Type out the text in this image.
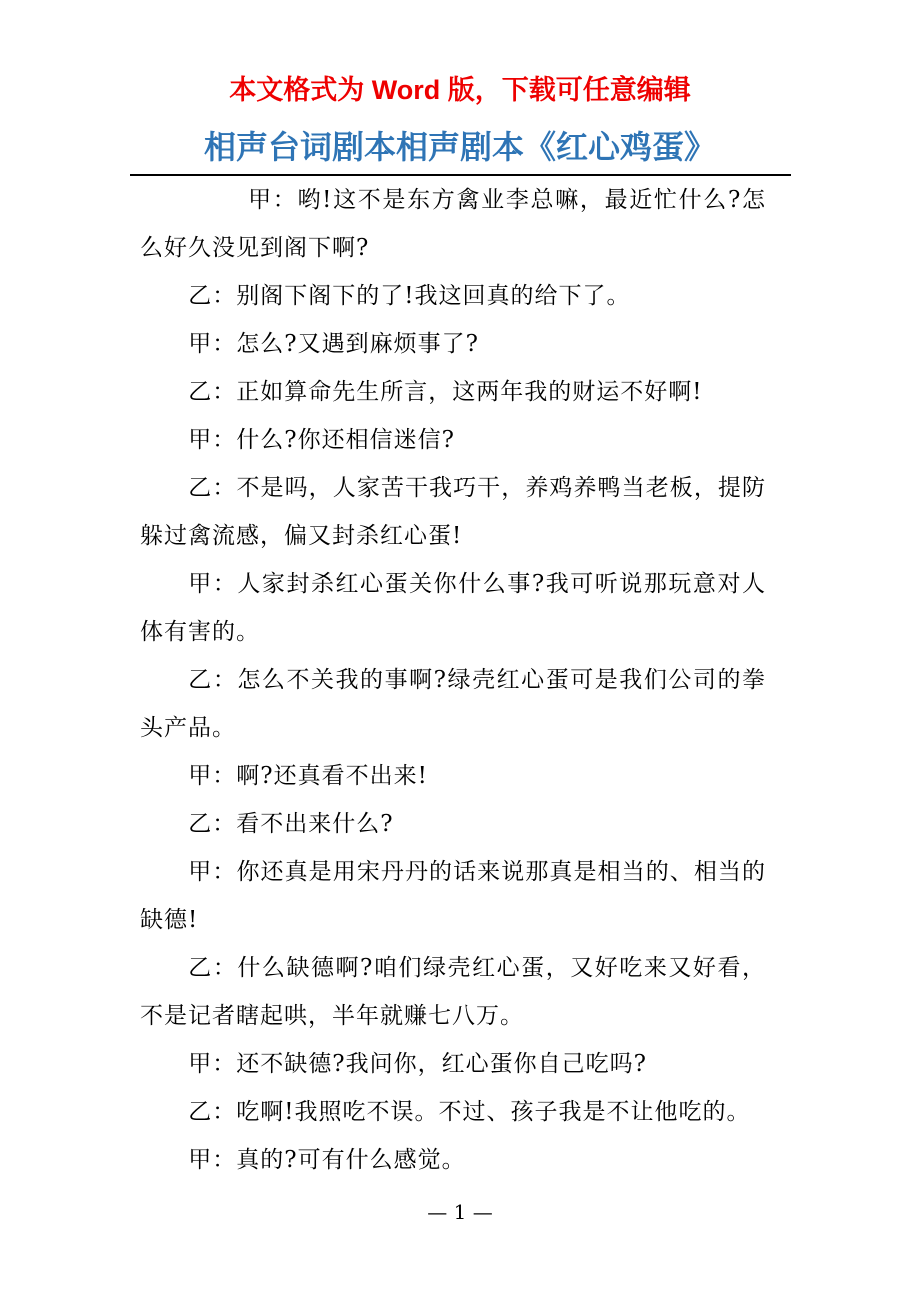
本文格式为 Word 版，下载可任意编辑
相声台词剧本相声剧本《红心鸡蛋》

甲：哟!这不是东方禽业李总嘛，最近忙什么?怎么好久没见到阁下啊?

乙：别阁下阁下的了!我这回真的给下了。

甲：怎么?又遇到麻烦事了?

乙：正如算命先生所言，这两年我的财运不好啊!

甲：什么?你还相信迷信?

乙：不是吗，人家苦干我巧干，养鸡养鸭当老板，提防躲过禽流感，偏又封杀红心蛋!

甲：人家封杀红心蛋关你什么事?我可听说那玩意对人体有害的。

乙：怎么不关我的事啊?绿壳红心蛋可是我们公司的拳头产品。

甲：啊?还真看不出来!

乙：看不出来什么?

甲：你还真是用宋丹丹的话来说那真是相当的、相当的缺德!

乙：什么缺德啊?咱们绿壳红心蛋，又好吃来又好看，不是记者瞎起哄，半年就赚七八万。

甲：还不缺德?我问你，红心蛋你自己吃吗?

乙：吃啊!我照吃不误。不过、孩子我是不让他吃的。

甲：真的?可有什么感觉。

— 1 —
